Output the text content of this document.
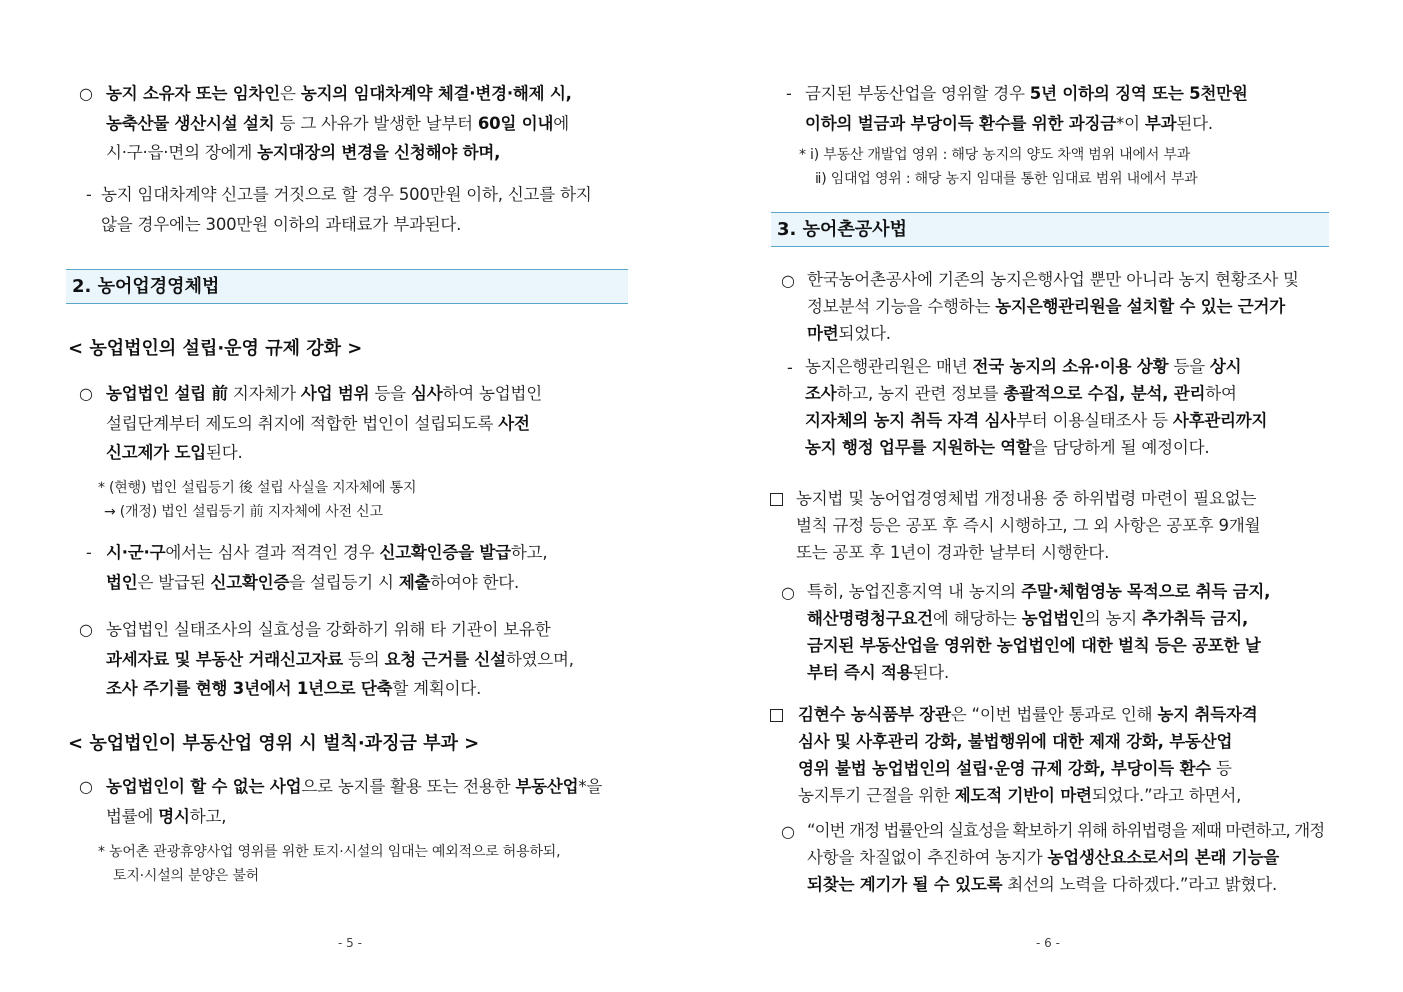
○ 농지 소유자 또는 임차인은 농지의 임대차계약 체결·변경·해제 시,
농축산물 생산시설 설치 등 그 사유가 발생한 날부터 60일 이내에
시·구·읍·면의 장에게 농지대장의 변경을 신청해야 하며,
- 농지 임대차계약 신고를 거짓으로 할 경우 500만원 이하, 신고를 하지
않을 경우에는 300만원 이하의 과태료가 부과된다.
2. 농어업경영체법
< 농업법인의 설립·운영 규제 강화 >
○ 농업법인 설립 前 지자체가 사업 범위 등을 심사하여 농업법인
설립단계부터 제도의 취지에 적합한 법인이 설립되도록 사전
신고제가 도입된다.
* (현행) 법인 설립등기 後 설립 사실을 지자체에 통지
→ (개정) 법인 설립등기 前 지자체에 사전 신고
- 시·군·구에서는 심사 결과 적격인 경우 신고확인증을 발급하고,
법인은 발급된 신고확인증을 설립등기 시 제출하여야 한다.
○ 농업법인 실태조사의 실효성을 강화하기 위해 타 기관이 보유한
과세자료 및 부동산 거래신고자료 등의 요청 근거를 신설하였으며,
조사 주기를 현행 3년에서 1년으로 단축할 계획이다.
< 농업법인이 부동산업 영위 시 벌칙·과징금 부과 >
○ 농업법인이 할 수 없는 사업으로 농지를 활용 또는 전용한 부동산업*을
법률에 명시하고,
* 농어촌 관광휴양사업 영위를 위한 토지·시설의 임대는 예외적으로 허용하되,
토지·시설의 분양은 불허
- 5 -
- 금지된 부동산업을 영위할 경우 5년 이하의 징역 또는 5천만원
이하의 벌금과 부당이득 환수를 위한 과징금*이 부과된다.
* ⅰ) 부동산 개발업 영위 : 해당 농지의 양도 차액 범위 내에서 부과
ⅱ) 임대업 영위 : 해당 농지 임대를 통한 임대료 범위 내에서 부과
3. 농어촌공사법
○ 한국농어촌공사에 기존의 농지은행사업 뿐만 아니라 농지 현황조사 및
정보분석 기능을 수행하는 농지은행관리원을 설치할 수 있는 근거가
마련되었다.
- 농지은행관리원은 매년 전국 농지의 소유·이용 상황 등을 상시
조사하고, 농지 관련 정보를 총괄적으로 수집, 분석, 관리하여
지자체의 농지 취득 자격 심사부터 이용실태조사 등 사후관리까지
농지 행정 업무를 지원하는 역할을 담당하게 될 예정이다.
농지법 및 농어업경영체법 개정내용 중 하위법령 마련이 필요없는
벌칙 규정 등은 공포 후 즉시 시행하고, 그 외 사항은 공포후 9개월
또는 공포 후 1년이 경과한 날부터 시행한다.
○ 특히, 농업진흥지역 내 농지의 주말·체험영농 목적으로 취득 금지,
해산명령청구요건에 해당하는 농업법인의 농지 추가취득 금지,
금지된 부동산업을 영위한 농업법인에 대한 벌칙 등은 공포한 날
부터 즉시 적용된다.
김현수 농식품부 장관은 “이번 법률안 통과로 인해 농지 취득자격
심사 및 사후관리 강화, 불법행위에 대한 제재 강화, 부동산업
영위 불법 농업법인의 설립·운영 규제 강화, 부당이득 환수 등
농지투기 근절을 위한 제도적 기반이 마련되었다.”라고 하면서,
○ “이번 개정 법률안의 실효성을 확보하기 위해 하위법령을 제때 마련하고, 개정
사항을 차질없이 추진하여 농지가 농업생산요소로서의 본래 기능을
되찾는 계기가 될 수 있도록 최선의 노력을 다하겠다.”라고 밝혔다.
- 6 -
